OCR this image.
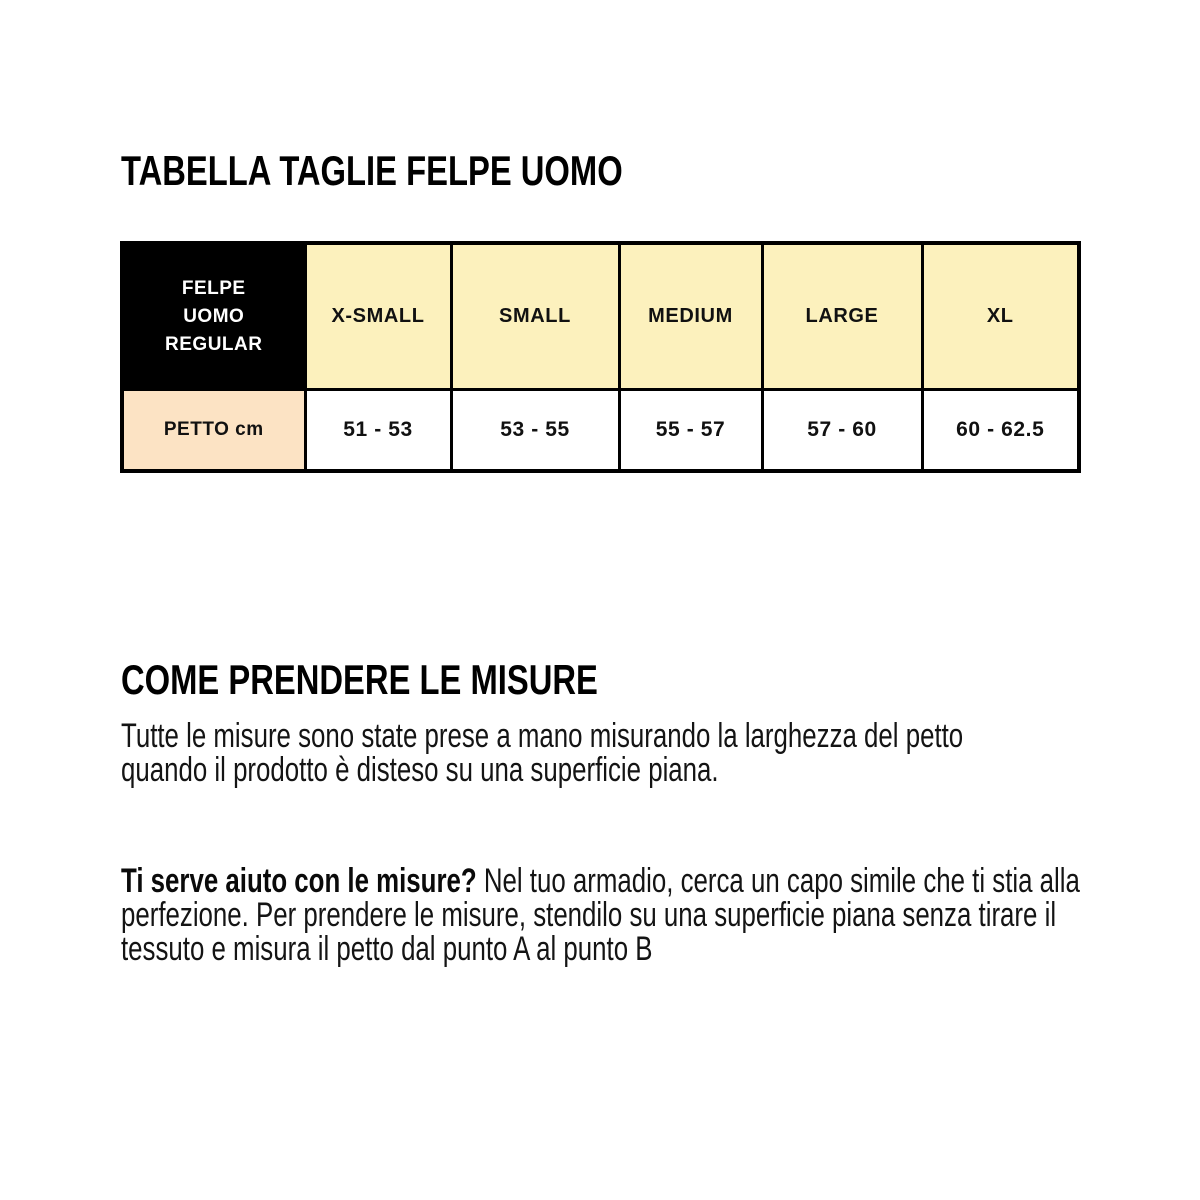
TABELLA TAGLIE FELPE UOMO
FELPE
UOMO
REGULAR	X-SMALL	SMALL	MEDIUM	LARGE	XL
PETTO cm	51 - 53	53 - 55	55 - 57	57 - 60	60 - 62.5
COME PRENDERE LE MISURE
Tutte le misure sono state prese a mano misurando la larghezza del petto
quando il prodotto è disteso su una superficie piana.
Ti serve aiuto con le misure? Nel tuo armadio, cerca un capo simile che ti stia alla
perfezione. Per prendere le misure, stendilo su una superficie piana senza tirare il
tessuto e misura il petto dal punto A al punto B
